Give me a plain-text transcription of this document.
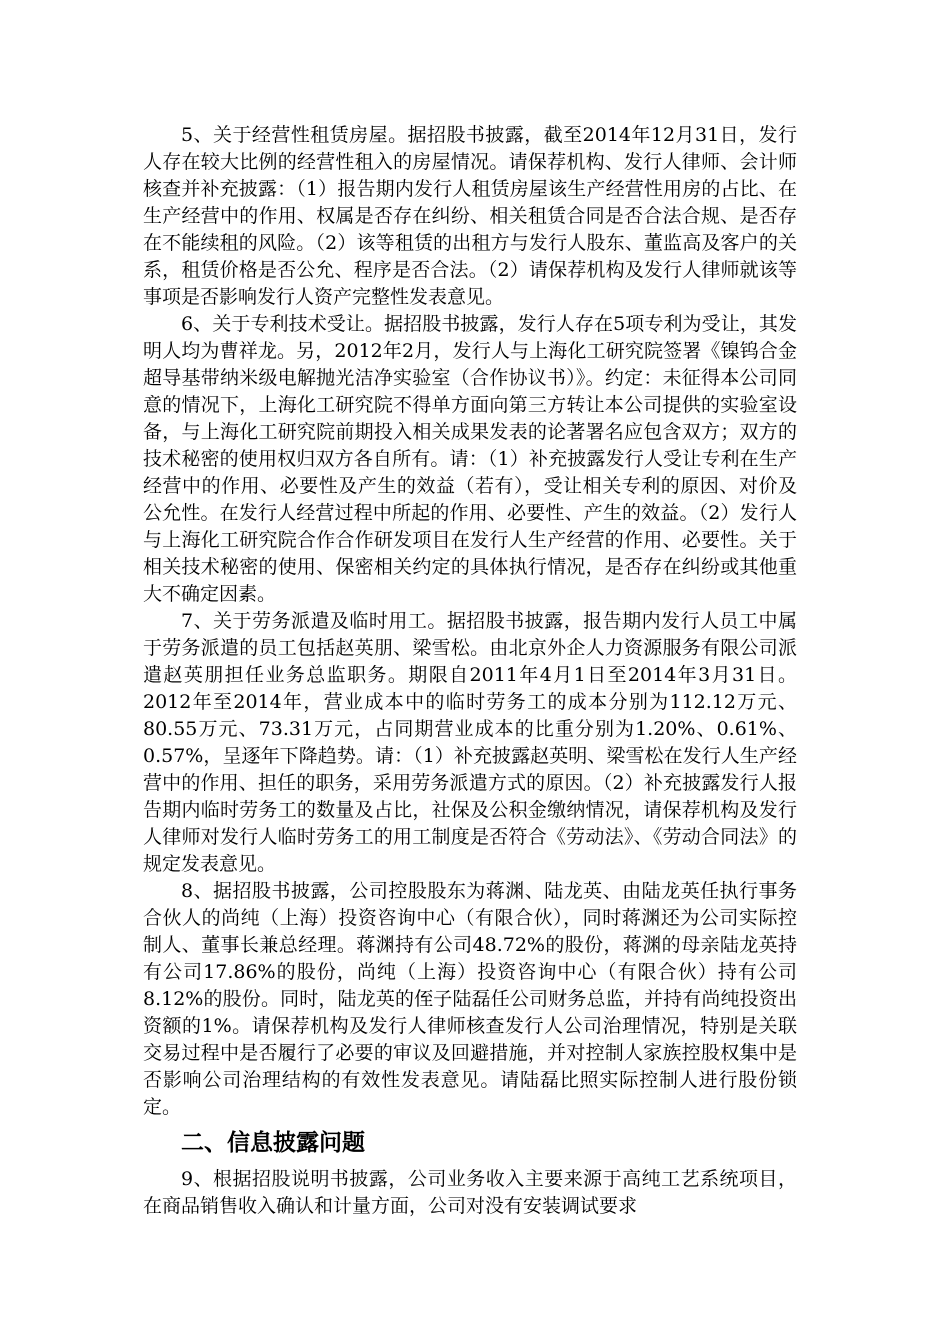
5、关于经营性租赁房屋。据招股书披露，截至2014年12月31日，发行人存在较大比例的经营性租入的房屋情况。请保荐机构、发行人律师、会计师核查并补充披露：（1）报告期内发行人租赁房屋该生产经营性用房的占比、在生产经营中的作用、权属是否存在纠纷、相关租赁合同是否合法合规、是否存在不能续租的风险。（2）该等租赁的出租方与发行人股东、董监高及客户的关系，租赁价格是否公允、程序是否合法。（2）请保荐机构及发行人律师就该等事项是否影响发行人资产完整性发表意见。

6、关于专利技术受让。据招股书披露，发行人存在5项专利为受让，其发明人均为曹祥龙。另，2012年2月，发行人与上海化工研究院签署《镍钨合金超导基带纳米级电解抛光洁净实验室（合作协议书）》。约定：未征得本公司同意的情况下，上海化工研究院不得单方面向第三方转让本公司提供的实验室设备，与上海化工研究院前期投入相关成果发表的论著署名应包含双方；双方的技术秘密的使用权归双方各自所有。请：（1）补充披露发行人受让专利在生产经营中的作用、必要性及产生的效益（若有），受让相关专利的原因、对价及公允性。在发行人经营过程中所起的作用、必要性、产生的效益。（2）发行人与上海化工研究院合作合作研发项目在发行人生产经营的作用、必要性。关于相关技术秘密的使用、保密相关约定的具体执行情况，是否存在纠纷或其他重大不确定因素。

7、关于劳务派遣及临时用工。据招股书披露，报告期内发行人员工中属于劳务派遣的员工包括赵英朋、梁雪松。由北京外企人力资源服务有限公司派遣赵英朋担任业务总监职务。期限自2011年4月1日至2014年3月31日。2012年至2014年，营业成本中的临时劳务工的成本分别为112.12万元、80.55万元、73.31万元，占同期营业成本的比重分别为1.20%、0.61%、0.57%，呈逐年下降趋势。请：（1）补充披露赵英明、梁雪松在发行人生产经营中的作用、担任的职务，采用劳务派遣方式的原因。（2）补充披露发行人报告期内临时劳务工的数量及占比，社保及公积金缴纳情况，请保荐机构及发行人律师对发行人临时劳务工的用工制度是否符合《劳动法》、《劳动合同法》的规定发表意见。

8、据招股书披露，公司控股股东为蒋渊、陆龙英、由陆龙英任执行事务合伙人的尚纯（上海）投资咨询中心（有限合伙），同时蒋渊还为公司实际控制人、董事长兼总经理。蒋渊持有公司48.72%的股份，蒋渊的母亲陆龙英持有公司17.86%的股份，尚纯（上海）投资咨询中心（有限合伙）持有公司8.12%的股份。同时，陆龙英的侄子陆磊任公司财务总监，并持有尚纯投资出资额的1%。请保荐机构及发行人律师核查发行人公司治理情况，特别是关联交易过程中是否履行了必要的审议及回避措施，并对控制人家族控股权集中是否影响公司治理结构的有效性发表意见。请陆磊比照实际控制人进行股份锁定。

二、信息披露问题

9、根据招股说明书披露，公司业务收入主要来源于高纯工艺系统项目，在商品销售收入确认和计量方面，公司对没有安装调试要求
